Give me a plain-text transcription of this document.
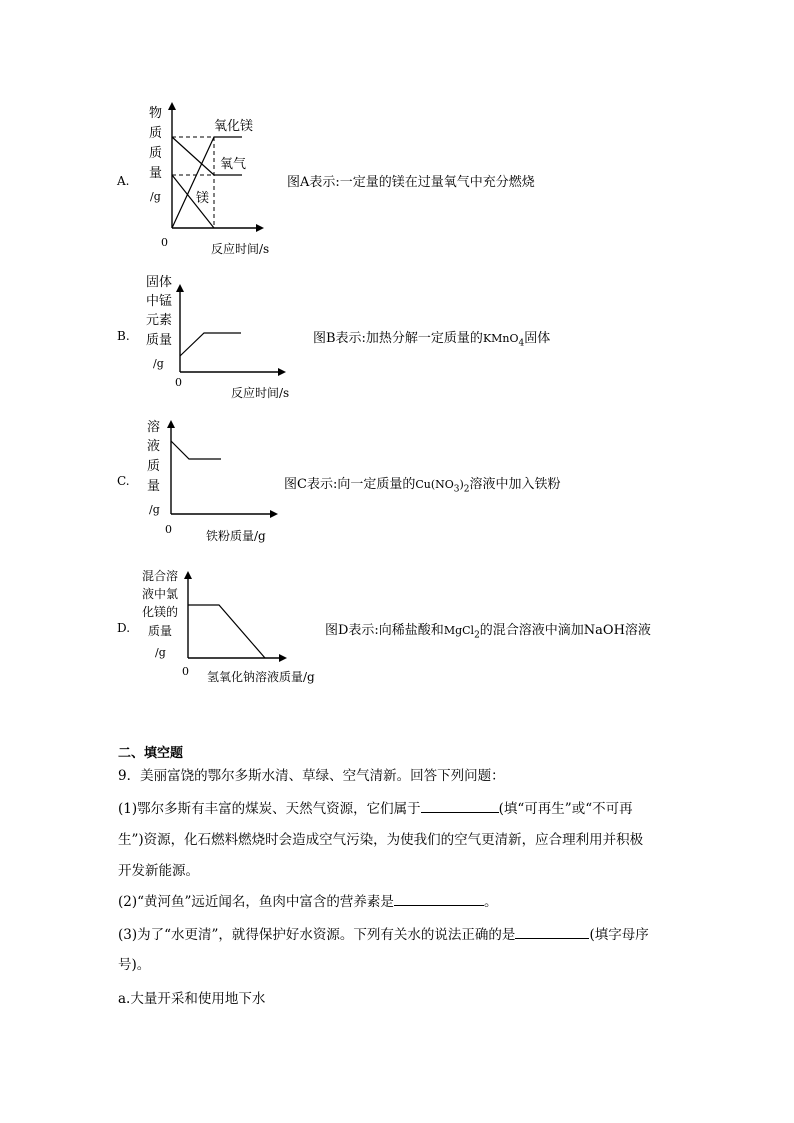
A.
B.
C.
D.
物
质
质
量
/g
0	反应时间/s
氧化镁
氧气
镁
固体
中锰
元素
质量
/g
0
反应时间/s
溶
液
质
量
/g
0	铁粉质量/g
混合溶
液中氯
化镁的
质量
/g
0 氢氧化钠溶液质量/g
图A表示:一定量的镁在过量氧气中充分燃烧
图B表示:加热分解一定质量的KMnO$_4$固体
图C表示:向一定质量的$Cu(NO_3)_2$溶液中加入铁粉
图D表示:向稀盐酸和MgCl$_2$的混合溶液中滴加NaOH溶液
二、填空题
9．美丽富饶的鄂尔多斯水清、草绿、空气清新。回答下列问题：
(1)鄂尔多斯有丰富的煤炭、天然气资源，它们属于	(填“可再生”或“不可再
生”)资源，化石燃料燃烧时会造成空气污染，为使我们的空气更清新，应合理利用并积极
开发新能源。
(2)“黄河鱼”远近闻名，鱼肉中富含的营养素是	。
(3)为了“水更清”，就得保护好水资源。下列有关水的说法正确的是	(填字母序
号)。
a.大量开采和使用地下水
